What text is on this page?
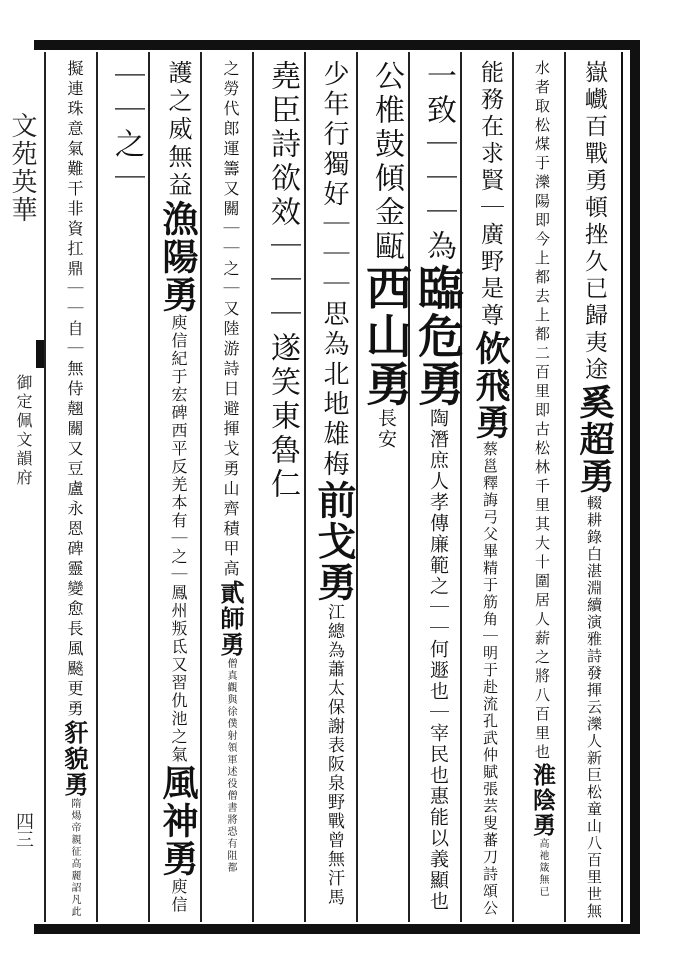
文苑英華
御定佩文韻府
四三
嶽巇百戰勇頓挫久已歸夷途奚超勇輟耕錄白湛淵續演雅詩發揮云濼人新巨松童山八百里世無
水者取松煤于濼陽即今上都去上都二百里即古松林千里其大十圍居人薪之將八百里也淮陰勇高祂箴無已
能務在求賢｜廣野是尊佽飛勇蔡邕釋誨弓父畢精于筋角｜明于赴流孔武仲賦張芸叟蕃刀詩頌公
一致｜｜｜為臨危勇陶潛庶人孝傳廉範之｜｜何遯也｜宰民也惠能以義顯也
公椎鼓傾金甌西山勇長安
少年行獨好｜｜｜思為北地雄梅前戈勇江總為蕭太保謝表阪泉野戰曾無汗馬
堯臣詩欲效｜｜｜遂笑東魯仁
之勞代郎運籌又關｜｜之｜又陸游詩日避揮戈勇山齊積甲高貳師勇僧真觀與徐僕射領軍述役僧書將恐有阻都
護之威無益漁陽勇庾信紀于宏碑西平反羌本有｜之｜鳳州叛氐又習仇池之氣風神勇庾信
｜｜之｜
擬連珠意氣難干非資扛鼎｜｜自｜無侍翹關又豆盧永恩碑靈變愈長風飈更勇豻貌勇隋煬帝親征高麗詔凡此
